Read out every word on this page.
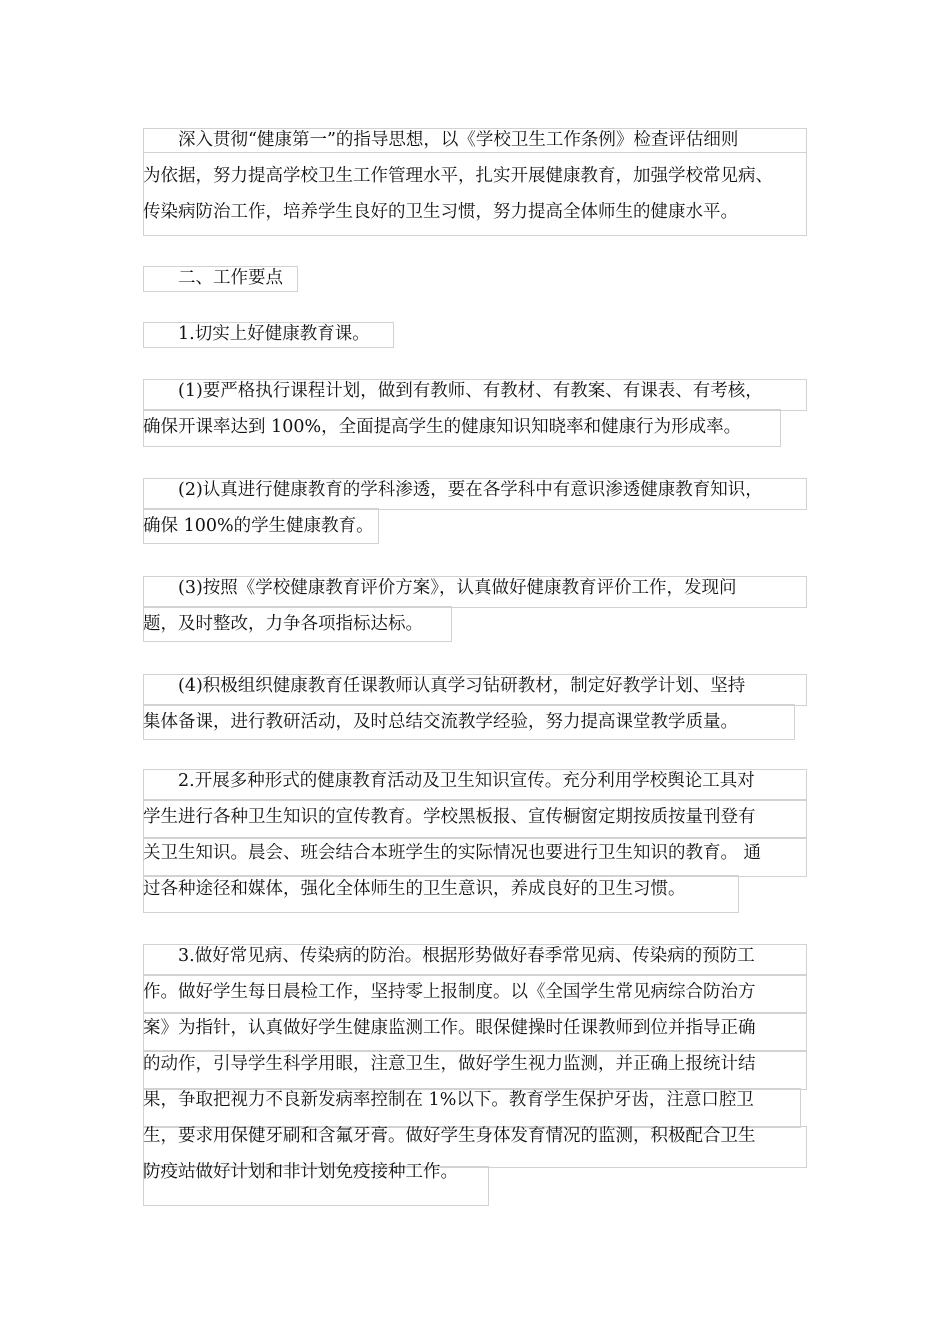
　　深入贯彻“健康第一”的指导思想，以《学校卫生工作条例》检查评估细则
为依据，努力提高学校卫生工作管理水平，扎实开展健康教育，加强学校常见病、
传染病防治工作，培养学生良好的卫生习惯，努力提高全体师生的健康水平。
　　二、工作要点
　　1.切实上好健康教育课。
　　(1)要严格执行课程计划，做到有教师、有教材、有教案、有课表、有考核，
确保开课率达到 100%，全面提高学生的健康知识知晓率和健康行为形成率。
　　(2)认真进行健康教育的学科渗透，要在各学科中有意识渗透健康教育知识，
确保 100%的学生健康教育。
　　(3)按照《学校健康教育评价方案》，认真做好健康教育评价工作，发现问
题，及时整改，力争各项指标达标。
　　(4)积极组织健康教育任课教师认真学习钻研教材，制定好教学计划、坚持
集体备课，进行教研活动，及时总结交流教学经验，努力提高课堂教学质量。
　　2.开展多种形式的健康教育活动及卫生知识宣传。充分利用学校舆论工具对
学生进行各种卫生知识的宣传教育。学校黑板报、宣传橱窗定期按质按量刊登有
关卫生知识。晨会、班会结合本班学生的实际情况也要进行卫生知识的教育。 通
过各种途径和媒体，强化全体师生的卫生意识，养成良好的卫生习惯。
　　3.做好常见病、传染病的防治。根据形势做好春季常见病、传染病的预防工
作。做好学生每日晨检工作，坚持零上报制度。以《全国学生常见病综合防治方
案》为指针，认真做好学生健康监测工作。眼保健操时任课教师到位并指导正确
的动作，引导学生科学用眼，注意卫生，做好学生视力监测，并正确上报统计结
果，争取把视力不良新发病率控制在 1%以下。教育学生保护牙齿，注意口腔卫
生，要求用保健牙刷和含氟牙膏。做好学生身体发育情况的监测，积极配合卫生
防疫站做好计划和非计划免疫接种工作。
